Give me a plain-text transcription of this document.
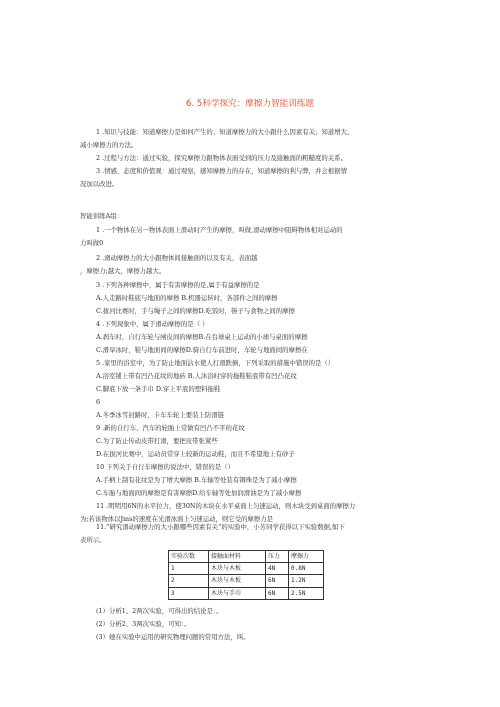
6. 5科学探究：摩擦力智能训练题
1 .知识与技能：知道摩擦力是如何产生的；知道摩擦力的大小跟什么因素有关；知道增大、
减小摩擦力的方法。
2 .过程与方法：通过实验，探究摩擦力跟物体表面受到的压力及接触面的粗糙度的关系。
3 .情感、态度和价值观：通过观察，感知摩擦力的存在，知道摩擦的利与弊，并会根据情
况加以改进。
智能训练A组：
1 .一个物体在另一物体表面上滑动时产生的摩擦，叫做,滑动摩擦中阻碍物体相对运动的
力叫做0
2 .滑动摩擦力的大小跟物体间接触面的以及有关，表面越
，摩擦力;越大，摩擦力越大。
3 .下列各种摩擦中，属于有害摩擦的是,属于有益摩擦的是
A.人走路时鞋底与地面的摩擦 B.机器运转时，各部件之间的摩擦
C.拔河比赛时，手与绳子之间的摩擦D.吃饭时，筷子与食物之间的摩擦
4 .下列现象中，属于滑动摩擦的是（ ）
A.刹车时，自行车轮与闸皮间的摩擦B.在台球桌上运动的小球与桌面的摩擦
C.滑旱冰时，鞋与地面间的摩擦D.骑自行车前进时，车轮与地面间的摩擦在
5 .家里的浴室中，为了防止地面沾水使人打滑跌倒，下列采取的措施中错误的是（）
A.浴室铺上带有凹凸花纹的地砖 B.人沐浴时穿的拖鞋鞋底带有凹凸花纹
C.脚底下放一条手巾 D.穿上平底的塑料拖鞋
6
A.冬季冰雪封路时，卡车车轮上要装上防滑链
9 .新的自行车、汽车的轮胎上常做有凹凸不平的花纹
C.为了防止传动皮带打滑，要把皮带张紧些
D.在拔河比赛中，运动员常穿上较新的运动鞋，而且不希望地上有砂子
10 下列关于自行车摩擦的说法中，错误的是（）
A.手柄上制有花纹是为了增大摩擦 B.车轴等处装有钢珠是为了减小摩擦
C.车胎与地面间的摩擦是有害摩擦D.给车轴等处加润滑油是为了减小摩擦
11 .明明用6N的水平拉力，使30N的木块在水平桌面上匀速运动，则木块受到桌面的摩擦力
为;若该物体以Jms的速度在光滑冰面上匀速运动，则它受的摩擦力是
11.”研究滑动摩擦力的大小跟哪些因素有关”的实验中，小芳同学获得以下实验数据,如下
表所示。
实验次数	接触面材料	压力	摩擦力
1	木块与木板	4N	0.8N
2	木块与木板	6N	1.2N
3	木块与手巾	6N	2.5N
(1）分析1、2两次实验，可得出的结论是：。
(2）分析2、3两次实验，可知：。
(3）她在实验中运用的研究物理问题的常用方法，叫。
